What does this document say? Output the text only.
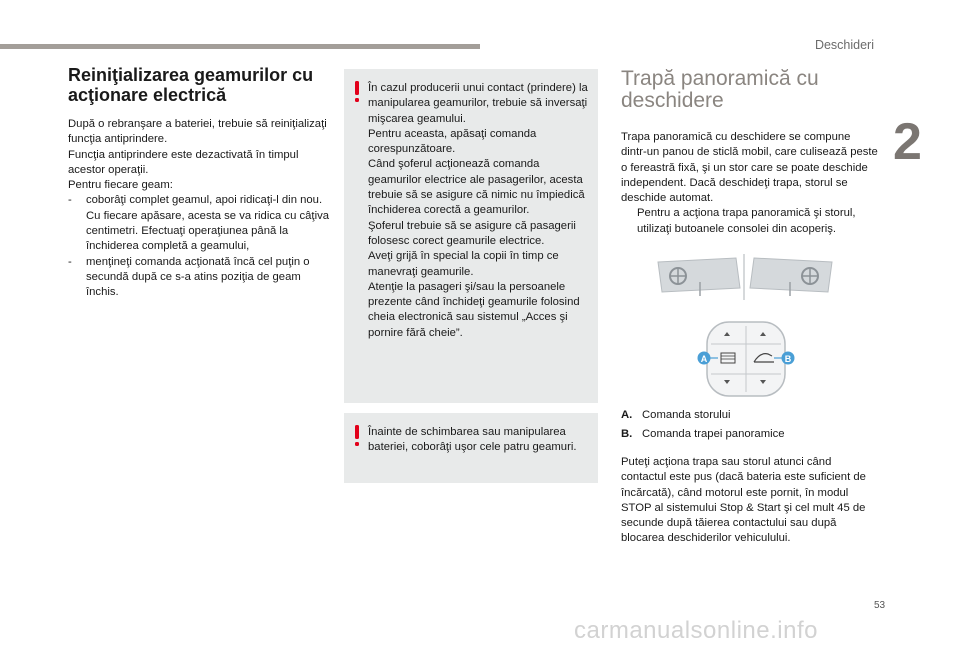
Deschideri
2
Reiniţializarea geamurilor cu acţionare electrică

După o rebranşare a bateriei, trebuie să reiniţializaţi funcţia antiprindere.

Funcţia antiprindere este dezactivată în timpul acestor operaţii.

Pentru fiecare geam:

- coborâţi complet geamul, apoi ridicaţi-l din nou. Cu fiecare apăsare, acesta se va ridica cu câţiva centimetri. Efectuaţi operaţiunea până la închiderea completă a geamului,
- menţineţi comanda acţionată încă cel puţin o secundă după ce s-a atins poziţia de geam închis.
În cazul producerii unui contact (prindere) la manipularea geamurilor, trebuie să inversaţi mişcarea geamului.
Pentru aceasta, apăsaţi comanda corespunzătoare.
Când şoferul acţionează comanda geamurilor electrice ale pasagerilor, acesta trebuie să se asigure că nimic nu împiedică închiderea corectă a geamurilor.
Şoferul trebuie să se asigure că pasagerii folosesc corect geamurile electrice.
Aveţi grijă în special la copii în timp ce manevraţi geamurile.
Atenţie la pasageri şi/sau la persoanele prezente când închideţi geamurile folosind cheia electronică sau sistemul „Acces şi pornire fără cheie”.
Înainte de schimbarea sau manipularea bateriei, coborâţi uşor cele patru geamuri.
Trapă panoramică cu deschidere

Trapa panoramică cu deschidere se compune dintr-un panou de sticlă mobil, care culisează peste o fereastră fixă, şi un stor care se poate deschide independent. Dacă deschideţi trapa, storul se deschide automat.

Pentru a acţiona trapa panoramică şi storul, utilizaţi butoanele consolei din acoperiş.
A	B
A. Comanda storului
B. Comanda trapei panoramice

Puteţi acţiona trapa sau storul atunci când contactul este pus (dacă bateria este suficient de încărcată), când motorul este pornit, în modul STOP al sistemului Stop & Start şi cel mult 45 de secunde după tăierea contactului sau după blocarea deschiderilor vehiculului.

53
carmanualsonline.info
